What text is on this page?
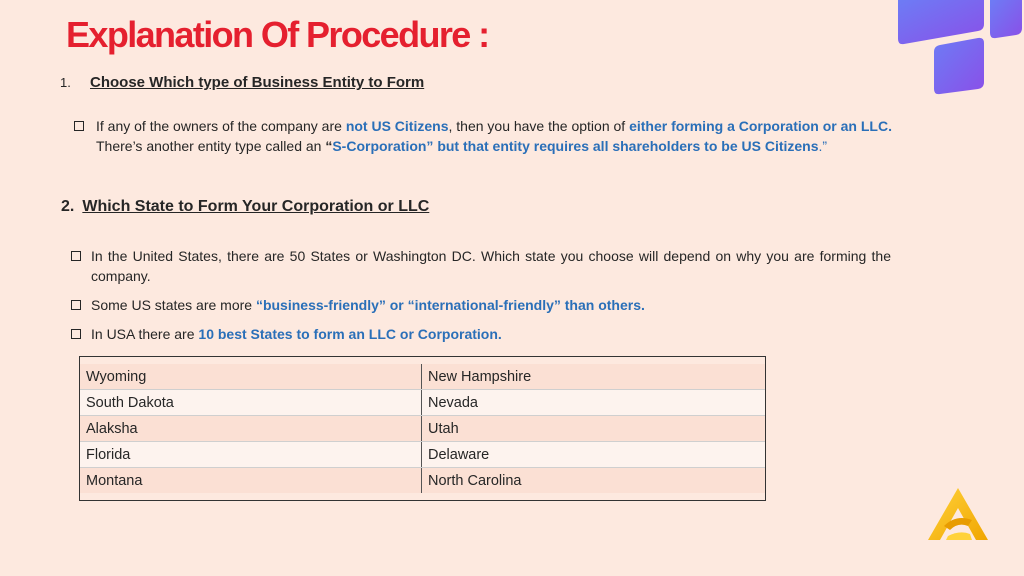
Explanation Of Procedure :
1. Choose Which type of Business Entity to Form
If any of the owners of the company are not US Citizens, then you have the option of either forming a Corporation or an LLC. There’s another entity type called an “S-Corporation” but that entity requires all shareholders to be US Citizens.”
2. Which State to Form Your Corporation or LLC
In the United States, there are 50 States or Washington DC. Which state you choose will depend on why you are forming the company.
Some US states are more “business-friendly” or “international-friendly” than others.
In USA there are 10 best States to form an LLC or Corporation.
Wyoming	New Hampshire
South Dakota	Nevada
Alaksha	Utah
Florida	Delaware
Montana	North Carolina
